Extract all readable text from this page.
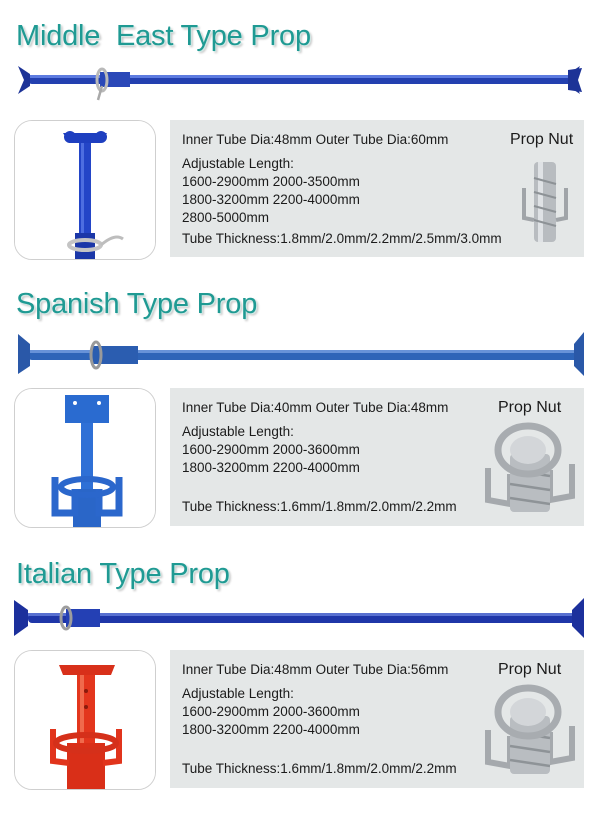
Middle  East Type Prop
Inner Tube Dia:48mm Outer Tube Dia:60mm
Adjustable Length:
1600-2900mm 2000-3500mm
1800-3200mm 2200-4000mm
2800-5000mm
Tube Thickness:1.8mm/2.0mm/2.2mm/2.5mm/3.0mm
Prop Nut
Spanish Type Prop
Inner Tube Dia:40mm Outer Tube Dia:48mm
Adjustable Length:
1600-2900mm 2000-3600mm
1800-3200mm 2200-4000mm
Tube Thickness:1.6mm/1.8mm/2.0mm/2.2mm
Prop Nut
Italian Type Prop
Inner Tube Dia:48mm Outer Tube Dia:56mm
Adjustable Length:
1600-2900mm 2000-3600mm
1800-3200mm 2200-4000mm
Tube Thickness:1.6mm/1.8mm/2.0mm/2.2mm
Prop Nut
